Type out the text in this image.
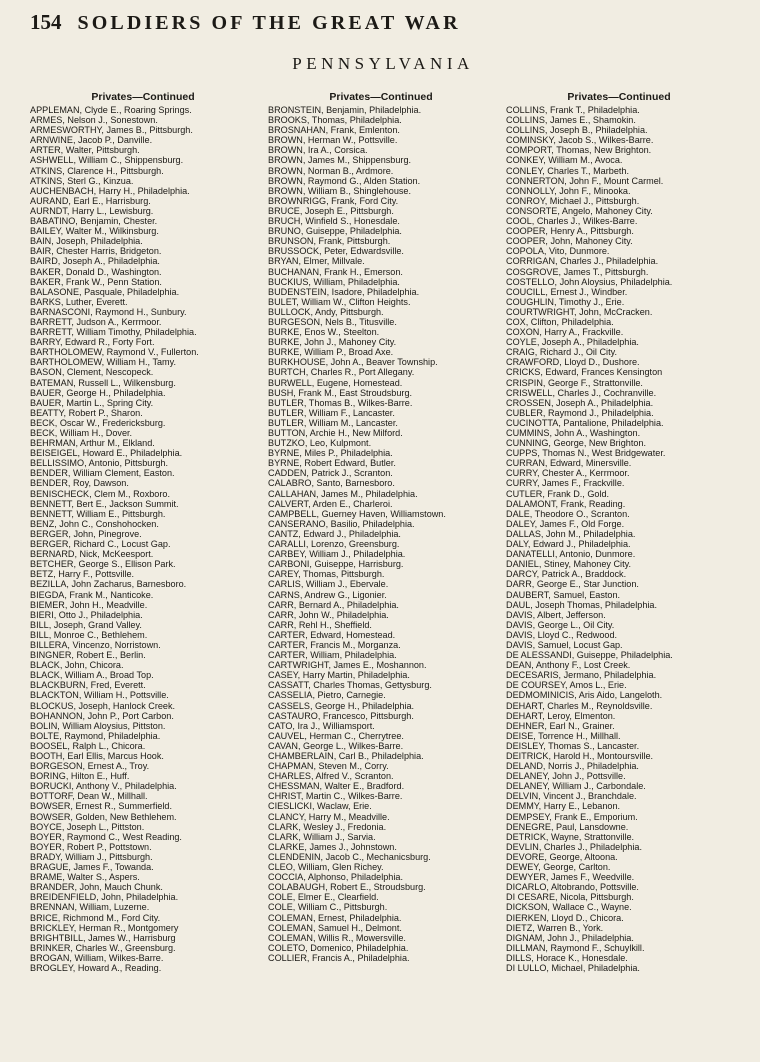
154 SOLDIERS OF THE GREAT WAR
PENNSYLVANIA
Privates—Continued
APPLEMAN, Clyde E., Roaring Springs.
ARMES, Nelson J., Sonestown.
ARMESWORTHY, James B., Pittsburgh.
ARNWINE, Jacob P., Danville.
ARTER, Walter, Pittsburgh.
ASHWELL, William C., Shippensburg.
ATKINS, Clarence H., Pittsburgh.
ATKINS, Sterl G., Kinzua.
AUCHENBACH, Harry H., Philadelphia.
AURAND, Earl E., Harrisburg.
AURNDT, Harry L., Lewisburg.
BABATINO, Benjamin, Chester.
BAILEY, Walter M., Wilkinsburg.
BAIN, Joseph, Philadelphia.
BAIR, Chester Harris, Bridgeton.
BAIRD, Joseph A., Philadelphia.
BAKER, Donald D., Washington.
BAKER, Frank W., Penn Station.
BALASONE, Pasquale, Philadelphia.
BARKS, Luther, Everett.
BARNASCONI, Raymond H., Sunbury.
BARRETT, Judson A., Kerrmoor.
BARRETT, William Timothy, Philadelphia.
BARRY, Edward R., Forty Fort.
BARTHOLOMEW, Raymond V., Fullerton.
BARTHOLOMEW, William H., Tamy.
BASON, Clement, Nescopeck.
BATEMAN, Russell L., Wilkensburg.
BAUER, George H., Philadelphia.
BAUER, Martin L., Spring City.
BEATTY, Robert P., Sharon.
BECK, Oscar W., Fredericksburg.
BECK, William H., Dover.
BEHRMAN, Arthur M., Elkland.
BEISEIGEL, Howard E., Philadelphia.
BELLISSIMO, Antonio, Pittsburgh.
BENDER, William Clement, Easton.
BENDER, Roy, Dawson.
BENISCHECK, Clem M., Roxboro.
BENNETT, Bert E., Jackson Summit.
BENNETT, William E., Pittsburgh.
BENZ, John C., Conshohocken.
BERGER, John, Pinegrove.
BERGER, Richard C., Locust Gap.
BERNARD, Nick, McKeesport.
BETCHER, George S., Ellison Park.
BETZ, Harry F., Pottsville.
BEZILLA, John Zacharus, Barnesboro.
BIEGDA, Frank M., Nanticoke.
BIEMER, John H., Meadville.
BIERI, Otto J., Philadelphia.
BILL, Joseph, Grand Valley.
BILL, Monroe C., Bethlehem.
BILLERA, Vincenzo, Norristown.
BINGNER, Robert E., Berlin.
BLACK, John, Chicora.
BLACK, William A., Broad Top.
BLACKBURN, Fred, Everett.
BLACKTON, William H., Pottsville.
BLOCKUS, Joseph, Hanlock Creek.
BOHANNON, John P., Port Carbon.
BOLIN, William Aloysius, Pittston.
BOLTE, Raymond, Philadelphia.
BOOSEL, Ralph L., Chicora.
BOOTH, Earl Ellis, Marcus Hook.
BORGESON, Ernest A., Troy.
BORING, Hilton E., Huff.
BORUCKI, Anthony V., Philadelphia.
BOTTORF, Dean W., Millhall.
BOWSER, Ernest R., Summerfield.
BOWSER, Golden, New Bethlehem.
BOYCE, Joseph L., Pittston.
BOYER, Raymond C., West Reading.
BOYER, Robert P., Pottstown.
BRADY, William J., Pittsburgh.
BRAGUE, James F., Towanda.
BRAME, Walter S., Aspers.
BRANDER, John, Mauch Chunk.
BREIDENFIELD, John, Philadelphia.
BRENNAN, William, Luzerne.
BRICE, Richmond M., Ford City.
BRICKLEY, Herman R., Montgomery
BRIGHTBILL, James W., Harrisburg
BRINKER, Charles W., Greensburg.
BROGAN, William, Wilkes-Barre.
BROGLEY, Howard A., Reading.
Privates—Continued
BRONSTEIN, Benjamin, Philadelphia.
BROOKS, Thomas, Philadelphia.
BROSNAHAN, Frank, Emlenton.
BROWN, Herman W., Pottsville.
BROWN, Ira A., Corsica.
BROWN, James M., Shippensburg.
BROWN, Norman B., Ardmore.
BROWN, Raymond G., Alden Station.
BROWN, William B., Shinglehouse.
BROWNRIGG, Frank, Ford City.
BRUCE, Joseph E., Pittsburgh.
BRUCH, Winfield S., Honesdale.
BRUNO, Guiseppe, Philadelphia.
BRUNSON, Frank, Pittsburgh.
BRUSSOCK, Peter, Edwardsville.
BRYAN, Elmer, Millvale.
BUCHANAN, Frank H., Emerson.
BUCKIUS, William, Philadelphia.
BUDENSTEIN, Isadore, Philadelphia.
BULET, William W., Clifton Heights.
BULLOCK, Andy, Pittsburgh.
BURGESON, Nels B., Titusville.
BURKE, Enos W., Steelton.
BURKE, John J., Mahoney City.
BURKE, William P., Broad Axe.
BURKHOUSE, John A., Beaver Township.
BURTCH, Charles R., Port Allegany.
BURWELL, Eugene, Homestead.
BUSH, Frank M., East Stroudsburg.
BUTLER, Thomas B., Wilkes-Barre.
BUTLER, William F., Lancaster.
BUTLER, William M., Lancaster.
BUTTON, Archie H., New Milford.
BUTZKO, Leo, Kulpmont.
BYRNE, Miles P., Philadelphia.
BYRNE, Robert Edward, Butler.
CADDEN, Patrick J., Scranton.
CALABRO, Santo, Barnesboro.
CALLAHAN, James M., Philadelphia.
CALVERT, Arden E., Charleroi.
CAMPBELL, Guerney Haven, Williamstown.
CANSERANO, Basilio, Philadelphia.
CANTZ, Edward J., Philadelphia.
CARALLI, Lorenzo, Greensburg.
CARBEY, William J., Philadelphia.
CARBONI, Guiseppe, Harrisburg.
CAREY, Thomas, Pittsburgh.
CARLIS, William J., Ebervale.
CARNS, Andrew G., Ligonier.
CARR, Bernard A., Philadelphia.
CARR, John W., Philadelphia.
CARR, Rehl H., Sheffield.
CARTER, Edward, Homestead.
CARTER, Francis M., Morganza.
CARTER, William, Philadelphia.
CARTWRIGHT, James E., Moshannon.
CASEY, Harry Martin, Philadelphia.
CASSATT, Charles Thomas, Gettysburg.
CASSELIA, Pietro, Carnegie.
CASSELS, George H., Philadelphia.
CASTAURO, Francesco, Pittsburgh.
CATO, Ira J., Williamsport.
CAUVEL, Herman C., Cherrytree.
CAVAN, George L., Wilkes-Barre.
CHAMBERLAIN, Carl B., Philadelphia.
CHAPMAN, Steven M., Corry.
CHARLES, Alfred V., Scranton.
CHESSMAN, Walter E., Bradford.
CHRIST, Martin C., Wilkes-Barre.
CIESLICKI, Waclaw, Erie.
CLANCY, Harry M., Meadville.
CLARK, Wesley J., Fredonia.
CLARK, William J., Sarvia.
CLARKE, James J., Johnstown.
CLENDENIN, Jacob C., Mechanicsburg.
CLEO, William, Glen Richey.
COCCIA, Alphonso, Philadelphia.
COLABAUGH, Robert E., Stroudsburg.
COLE, Elmer E., Clearfield.
COLE, William C., Pittsburgh.
COLEMAN, Ernest, Philadelphia.
COLEMAN, Samuel H., Delmont.
COLEMAN, Willis R., Mowersville.
COLETO, Domenico, Philadelphia.
COLLIER, Francis A., Philadelphia.
Privates—Continued
COLLINS, Frank T., Philadelphia.
COLLINS, James E., Shamokin.
COLLINS, Joseph B., Philadelphia.
COMINSKY, Jacob S., Wilkes-Barre.
COMPORT, Thomas, New Brighton.
CONKEY, William M., Avoca.
CONLEY, Charles T., Marbeth.
CONNERTON, John F., Mount Carmel.
CONNOLLY, John F., Minooka.
CONROY, Michael J., Pittsburgh.
CONSORTE, Angelo, Mahoney City.
COOL, Charles J., Wilkes-Barre.
COOPER, Henry A., Pittsburgh.
COOPER, John, Mahoney City.
COPOLA, Vito, Dunmore.
CORRIGAN, Charles J., Philadelphia.
COSGROVE, James T., Pittsburgh.
COSTELLO, John Aloysius, Philadelphia.
COUCILL, Ernest J., Windber.
COUGHLIN, Timothy J., Erie.
COURTWRIGHT, John, McCracken.
COX, Clifton, Philadelphia.
COXON, Harry A., Frackville.
COYLE, Joseph A., Philadelphia.
CRAIG, Richard J., Oil City.
CRAWFORD, Lloyd D., Dushore.
CRICKS, Edward, Frances Kensington
CRISPIN, George F., Strattonville.
CRISWELL, Charles J., Cochranville.
CROSSEN, Joseph A., Philadelphia.
CUBLER, Raymond J., Philadelphia.
CUCINOTTA, Pantalione, Philadelphia.
CUMMINS, John A., Washington.
CUNNING, George, New Brighton.
CUPPS, Thomas N., West Bridgewater.
CURRAN, Edward, Minersville.
CURRY, Chester A., Kerrmoor.
CURRY, James F., Frackville.
CUTLER, Frank D., Gold.
DALAMONT, Frank, Reading.
DALE, Theodore O., Scranton.
DALEY, James F., Old Forge.
DALLAS, John M., Philadelphia.
DALY, Edward J., Philadelphia.
DANATELLI, Antonio, Dunmore.
DANIEL, Stiney, Mahoney City.
DARCY, Patrick A., Braddock.
DARR, George E., Star Junction.
DAUBERT, Samuel, Easton.
DAUL, Joseph Thomas, Philadelphia.
DAVIS, Albert, Jefferson.
DAVIS, George L., Oil City.
DAVIS, Lloyd C., Redwood.
DAVIS, Samuel, Locust Gap.
DE ALESSANDI, Guiseppe, Philadelphia.
DEAN, Anthony F., Lost Creek.
DECESARIS, Jermano, Philadelphia.
DE COURSEY, Amos L., Erie.
DEDMOMINICIS, Aris Aido, Langeloth.
DEHART, Charles M., Reynoldsville.
DEHART, Leroy, Elmenton.
DEHNER, Earl N., Grainer.
DEISE, Torrence H., Millhall.
DEISLEY, Thomas S., Lancaster.
DEITRICK, Harold H., Montoursville.
DELAND, Norris J., Philadelphia.
DELANEY, John J., Pottsville.
DELANEY, William J., Carbondale.
DELVIN, Vincent J., Branchdale.
DEMMY, Harry E., Lebanon.
DEMPSEY, Frank E., Emporium.
DENEGRE, Paul, Lansdowne.
DETRICK, Wayne, Strattonville.
DEVLIN, Charles J., Philadelphia.
DEVORE, George, Altoona.
DEWEY, George, Carlton.
DEWYER, James F., Weedville.
DICARLO, Altobrando, Pottsville.
DI CESARE, Nicola, Pittsburgh.
DICKSON, Wallace C., Wayne.
DIERKEN, Lloyd D., Chicora.
DIETZ, Warren B., York.
DIGNAM, John J., Philadelphia.
DILLMAN, Raymond F., Schuylkill.
DILLS, Horace K., Honesdale.
DI LULLO, Michael, Philadelphia.
